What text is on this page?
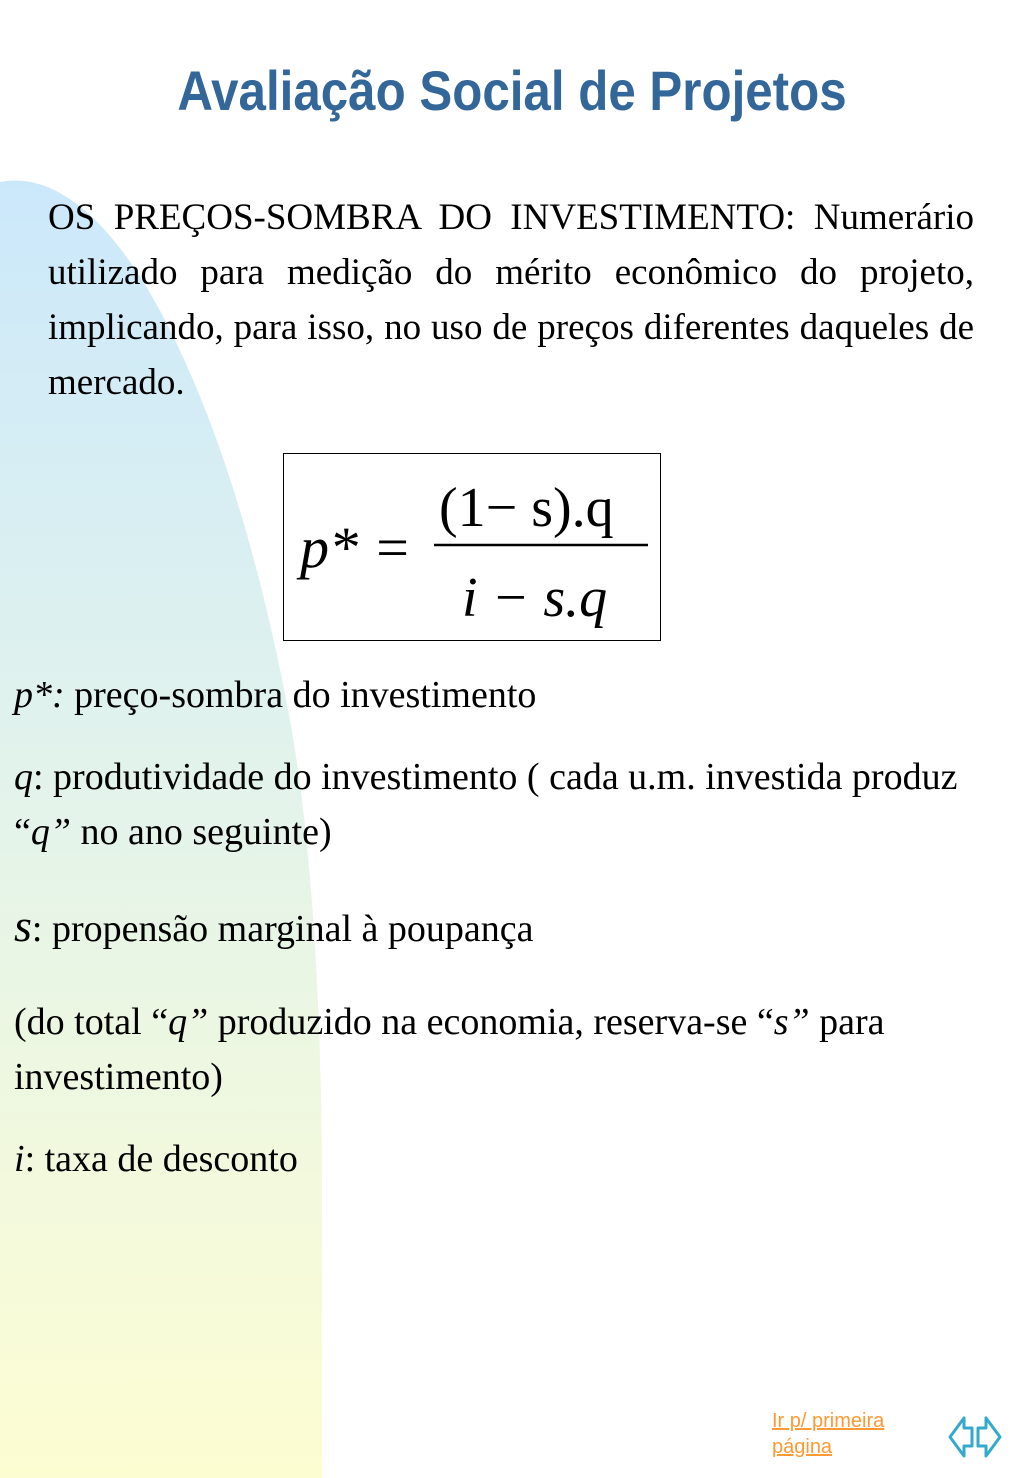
Avaliação Social de Projetos
OS PREÇOS-SOMBRA DO INVESTIMENTO: Numerário utilizado para medição do mérito econômico do projeto, implicando, para isso, no uso de preços diferentes daqueles de mercado.
p* =
(1− s).q
i − s.q
p*: preço-sombra do investimento
q: produtividade do investimento ( cada u.m. investida produz “q” no ano seguinte)
s: propensão marginal à poupança
(do total “q” produzido na economia, reserva-se “s” para investimento)
i: taxa de desconto
Ir p/ primeira página
